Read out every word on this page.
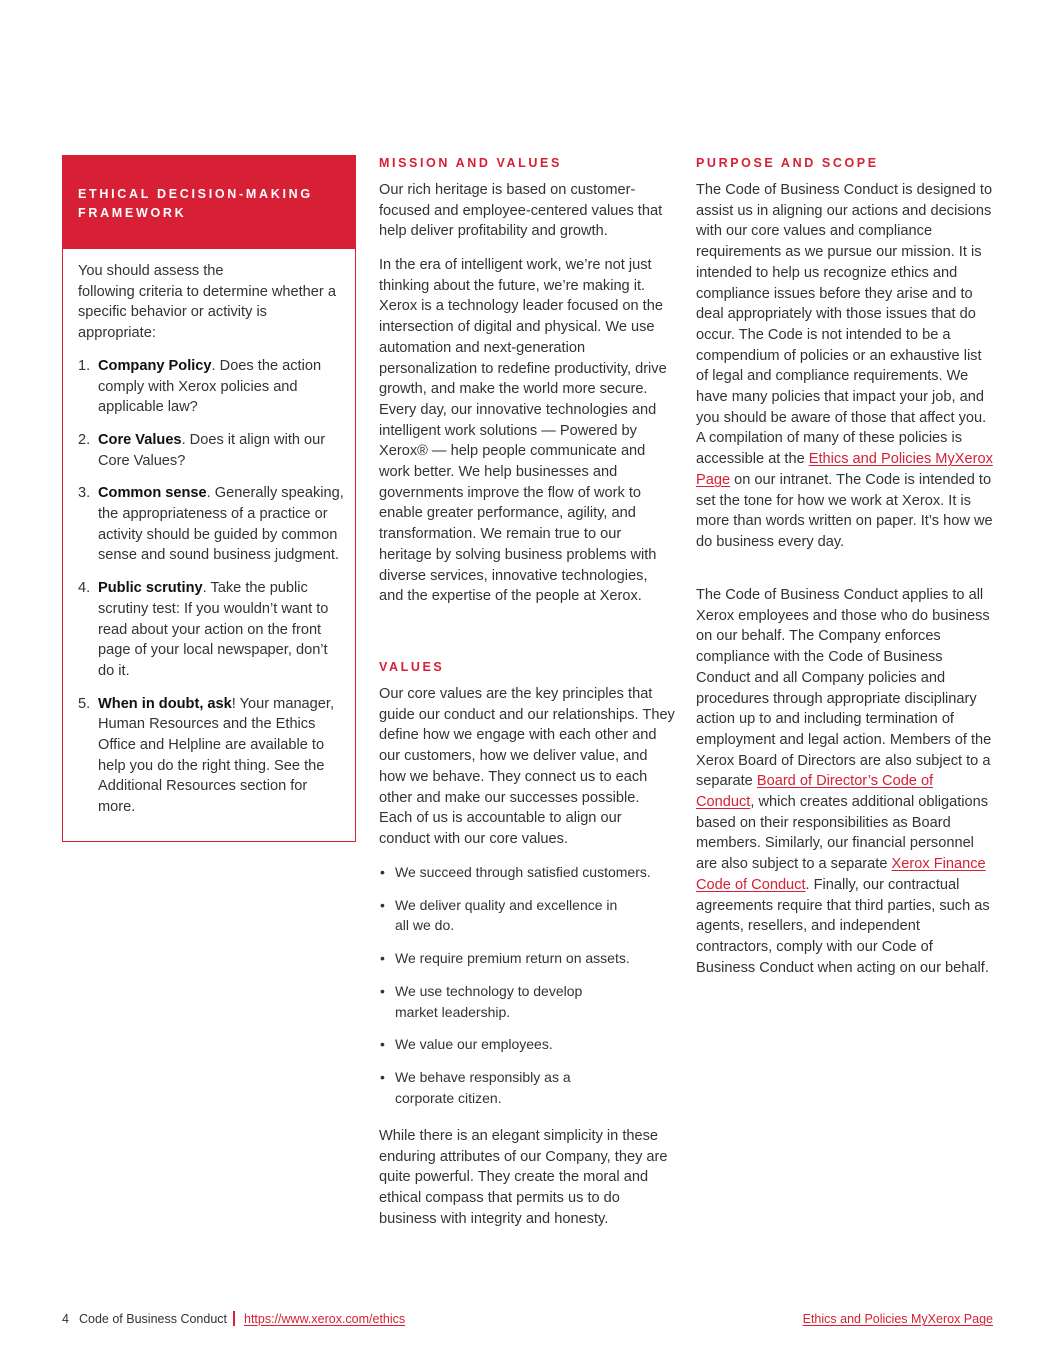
ETHICAL DECISION-MAKING FRAMEWORK

You should assess the
following criteria to determine whether a specific behavior or activity is appropriate:

1. Company Policy. Does the action comply with Xerox policies and applicable law?
2. Core Values. Does it align with our Core Values?
3. Common sense. Generally speaking, the appropriateness of a practice or activity should be guided by common sense and sound business judgment.
4. Public scrutiny. Take the public scrutiny test: If you wouldn’t want to read about your action on the front page of your local newspaper, don’t do it.
5. When in doubt, ask! Your manager, Human Resources and the Ethics Office and Helpline are available to help you do the right thing. See the Additional Resources section for more.
MISSION AND VALUES

Our rich heritage is based on customer-focused and employee-centered values that help deliver profitability and growth.

In the era of intelligent work, we’re not just thinking about the future, we’re making it. Xerox is a technology leader focused on the intersection of digital and physical. We use automation and next-generation personalization to redefine productivity, drive growth, and make the world more secure. Every day, our innovative technologies and intelligent work solutions — Powered by Xerox® — help people communicate and work better. We help businesses and governments improve the flow of work to enable greater performance, agility, and transformation. We remain true to our heritage by solving business problems with diverse services, innovative technologies, and the expertise of the people at Xerox.

VALUES

Our core values are the key principles that guide our conduct and our relationships. They define how we engage with each other and our customers, how we deliver value, and how we behave. They connect us to each other and make our successes possible. Each of us is accountable to align our conduct with our core values.

• We succeed through satisfied customers.
• We deliver quality and excellence in all we do.
• We require premium return on assets.
• We use technology to develop market leadership.
• We value our employees.
• We behave responsibly as a corporate citizen.

While there is an elegant simplicity in these enduring attributes of our Company, they are quite powerful. They create the moral and ethical compass that permits us to do business with integrity and honesty.

PURPOSE AND SCOPE

The Code of Business Conduct is designed to assist us in aligning our actions and decisions with our core values and compliance requirements as we pursue our mission. It is intended to help us recognize ethics and compliance issues before they arise and to deal appropriately with those issues that do occur. The Code is not intended to be a compendium of policies or an exhaustive list of legal and compliance requirements. We have many policies that impact your job, and you should be aware of those that affect you. A compilation of many of these policies is accessible at the Ethics and Policies MyXerox Page on our intranet. The Code is intended to set the tone for how we work at Xerox. It is more than words written on paper. It’s how we do business every day.

The Code of Business Conduct applies to all Xerox employees and those who do business on our behalf. The Company enforces compliance with the Code of Business Conduct and all Company policies and procedures through appropriate disciplinary action up to and including termination of employment and legal action. Members of the Xerox Board of Directors are also subject to a separate Board of Director’s Code of Conduct, which creates additional obligations based on their responsibilities as Board members. Similarly, our financial personnel are also subject to a separate Xerox Finance Code of Conduct. Finally, our contractual agreements require that third parties, such as agents, resellers, and independent contractors, comply with our Code of Business Conduct when acting on our behalf.

4 Code of Business Conduct https://www.xerox.com/ethics	Ethics and Policies MyXerox Page
